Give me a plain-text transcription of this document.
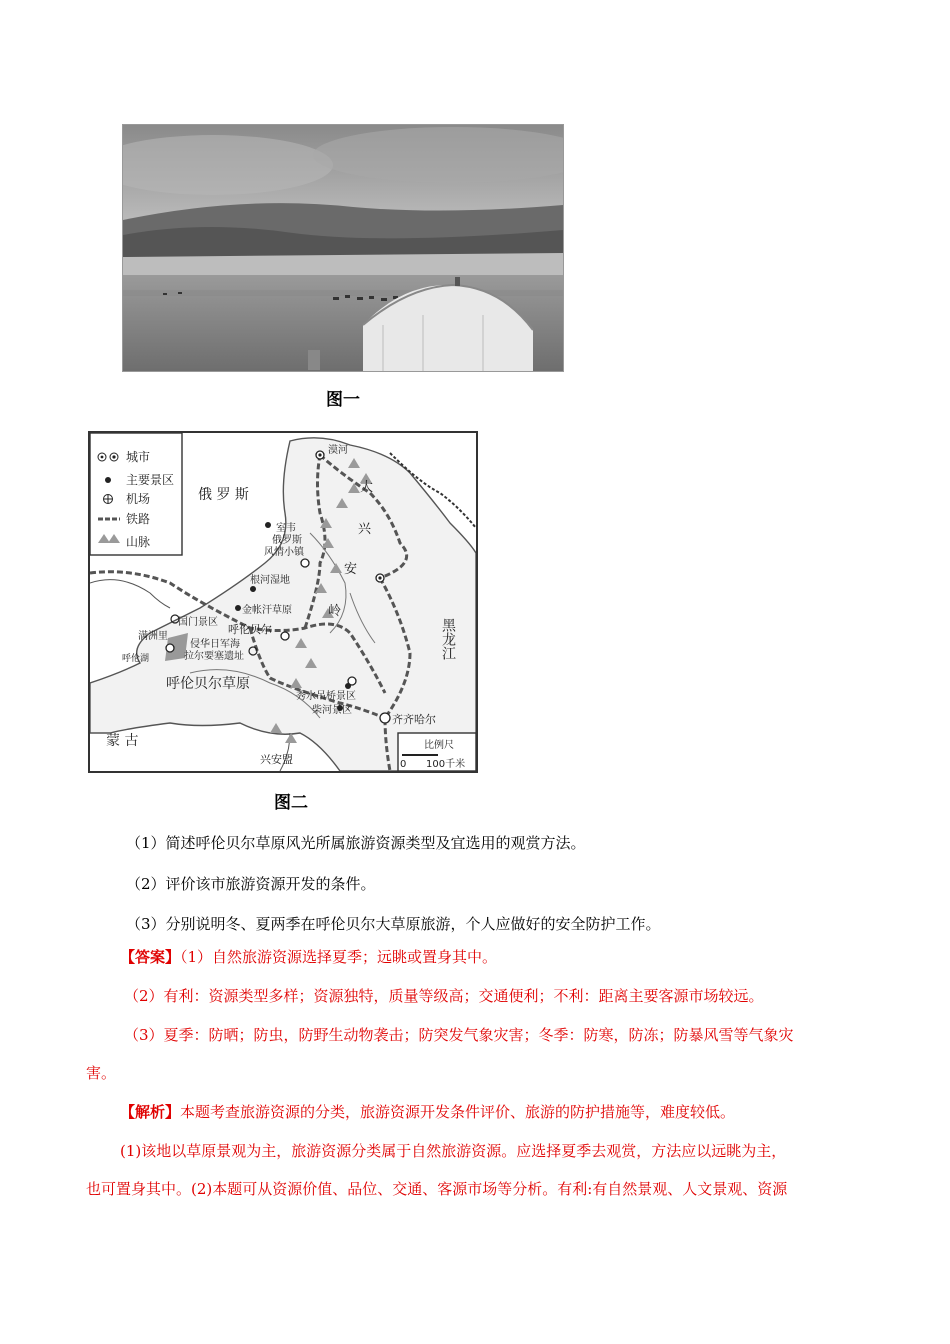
图一
城市
主要景区
机场
铁路
山脉
俄 罗 斯
漠河
大
兴
安
岭
室韦
俄罗斯
风情小镇
根河湿地
金帐汗草原
呼伦贝尔
国门景区
满洲里
呼伦湖
侵华日军海
拉尔要塞遗址
呼伦贝尔草原
秀水吊桥景区
柴河景区
齐齐哈尔
兴安盟
蒙 古
黑龙江
比例尺
0 100千米
图二
（1）简述呼伦贝尔草原风光所属旅游资源类型及宜选用的观赏方法。
（2）评价该市旅游资源开发的条件。
（3）分别说明冬、夏两季在呼伦贝尔大草原旅游，个人应做好的安全防护工作。
【答案】（1）自然旅游资源选择夏季；远眺或置身其中。
（2）有利：资源类型多样；资源独特，质量等级高；交通便利；不利：距离主要客源市场较远。
（3）夏季：防晒；防虫，防野生动物袭击；防突发气象灾害；冬季：防寒，防冻；防暴风雪等气象灾
害。
【解析】本题考查旅游资源的分类，旅游资源开发条件评价、旅游的防护措施等，难度较低。
(1)该地以草原景观为主，旅游资源分类属于自然旅游资源。应选择夏季去观赏，方法应以远眺为主，
也可置身其中。(2)本题可从资源价值、品位、交通、客源市场等分析。有利:有自然景观、人文景观、资源
